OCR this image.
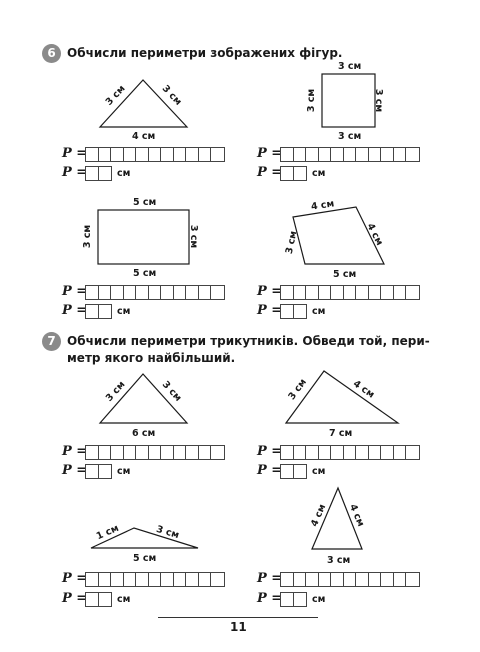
6 Обчисли периметри зображених фігур.
3 см	3 см
4 см
3 см
3 см	3 см
3 см
5 см
3 см	3 см
5 см
4 см
3 см	4 см
5 см
7 Обчисли периметри трикутників. Обведи той, пери-
метр якого найбільший.
3 см	3 см
6 см
3 см	4 см
7 см
1 см	3 см
5 см
4 см 4 см
3 см
P =
P =	см
P =
P =	см
P =
P =	см
P =
P =	см
P =
P =	см
P =
P =	см
P =
P =	см
P =
P =	см
11
